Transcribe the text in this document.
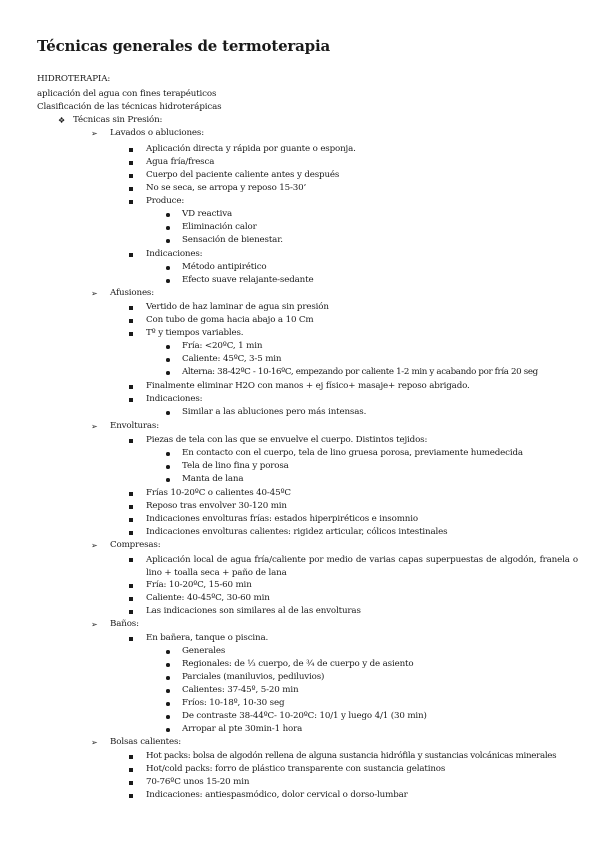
Técnicas generales de termoterapia
HIDROTERAPIA:
aplicación del agua con fines terapéuticos
Clasificación de las técnicas hidroterápicas
❖ Técnicas sin Presión:
➢ Lavados o abluciones:
Aplicación directa y rápida por guante o esponja.
Agua fría/fresca
Cuerpo del paciente caliente antes y después
No se seca, se arropa y reposo 15-30’
Produce:
VD reactiva
Eliminación calor
Sensación de bienestar.
Indicaciones:
Método antipirético
Efecto suave relajante-sedante
➢ Afusiones:
Vertido de haz laminar de agua sin presión
Con tubo de goma hacia abajo a 10 Cm
Tº y tiempos variables.
Fría: <20ºC, 1 min
Caliente: 45ºC, 3-5 min
Alterna: 38-42ºC - 10-16ºC, empezando por caliente 1-2 min y acabando por fría 20 seg
Finalmente eliminar H2O con manos + ej físico+ masaje+ reposo abrigado.
Indicaciones:
Similar a las abluciones pero más intensas.
➢ Envolturas:
Piezas de tela con las que se envuelve el cuerpo. Distintos tejidos:
En contacto con el cuerpo, tela de lino gruesa porosa, previamente humedecida
Tela de lino fina y porosa
Manta de lana
Frías 10-20ºC o calientes 40-45ºC
Reposo tras envolver 30-120 min
Indicaciones envolturas frías: estados hiperpiréticos e insomnio
Indicaciones envolturas calientes: rigidez articular, cólicos intestinales
➢ Compresas:
Aplicación local de agua fría/caliente por medio de varias capas superpuestas de algodón, franela o lino + toalla seca + paño de lana
Fría: 10-20ºC, 15-60 min
Caliente: 40-45ºC, 30-60 min
Las indicaciones son similares al de las envolturas
➢ Baños:
En bañera, tanque o piscina.
Generales
Regionales: de ⅓ cuerpo, de ¾ de cuerpo y de asiento
Parciales (maniluvios, pediluvios)
Calientes: 37-45º, 5-20 min
Fríos: 10-18º, 10-30 seg
De contraste 38-44ºC- 10-20ºC: 10/1 y luego 4/1 (30 min)
Arropar al pte 30min-1 hora
➢ Bolsas calientes:
Hot packs: bolsa de algodón rellena de alguna sustancia hidrófila y sustancias volcánicas minerales
Hot/cold packs: forro de plástico transparente con sustancia gelatinos
70-76ºC unos 15-20 min
Indicaciones: antiespasmódico, dolor cervical o dorso-lumbar
